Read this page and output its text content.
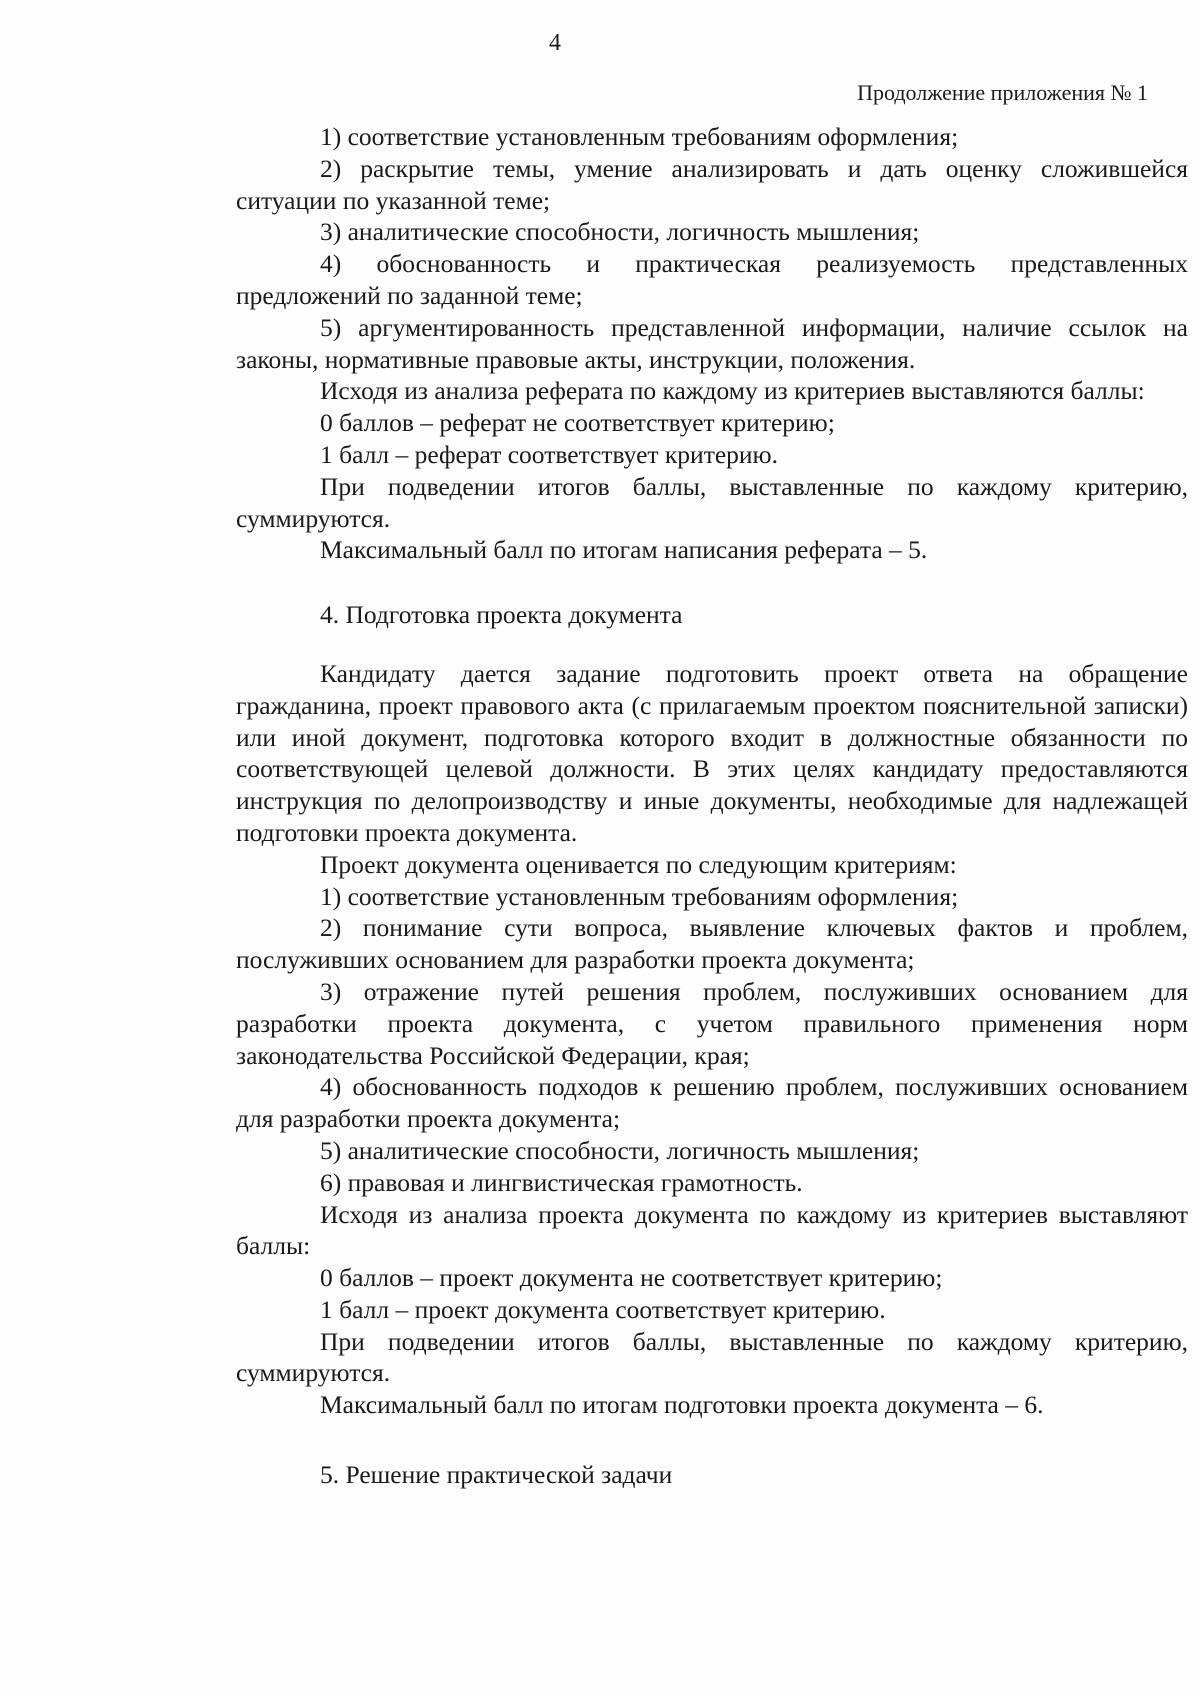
4
Продолжение приложения № 1

1) соответствие установленным требованиям оформления;

2) раскрытие темы, умение анализировать и дать оценку сложившейся ситуации по указанной теме;

3) аналитические способности, логичность мышления;

4) обоснованность и практическая реализуемость представленных предложений по заданной теме;

5) аргументированность представленной информации, наличие ссылок на законы, нормативные правовые акты, инструкции, положения.

Исходя из анализа реферата по каждому из критериев выставляются баллы:

0 баллов – реферат не соответствует критерию;

1 балл – реферат соответствует критерию.

При подведении итогов баллы, выставленные по каждому критерию, суммируются.

Максимальный балл по итогам написания реферата – 5.

4. Подготовка проекта документа

Кандидату дается задание подготовить проект ответа на обращение гражданина, проект правового акта (с прилагаемым проектом пояснительной записки) или иной документ, подготовка которого входит в должностные обязанности по соответствующей целевой должности. В этих целях кандидату предоставляются инструкция по делопроизводству и иные документы, необходимые для надлежащей подготовки проекта документа.

Проект документа оценивается по следующим критериям:

1) соответствие установленным требованиям оформления;

2) понимание сути вопроса, выявление ключевых фактов и проблем, послуживших основанием для разработки проекта документа;

3) отражение путей решения проблем, послуживших основанием для разработки проекта документа, с учетом правильного применения норм законодательства Российской Федерации, края;

4) обоснованность подходов к решению проблем, послуживших основанием для разработки проекта документа;

5) аналитические способности, логичность мышления;

6) правовая и лингвистическая грамотность.

Исходя из анализа проекта документа по каждому из критериев выставляют баллы:

0 баллов – проект документа не соответствует критерию;

1 балл – проект документа соответствует критерию.

При подведении итогов баллы, выставленные по каждому критерию, суммируются.

Максимальный балл по итогам подготовки проекта документа – 6.

5. Решение практической задачи
